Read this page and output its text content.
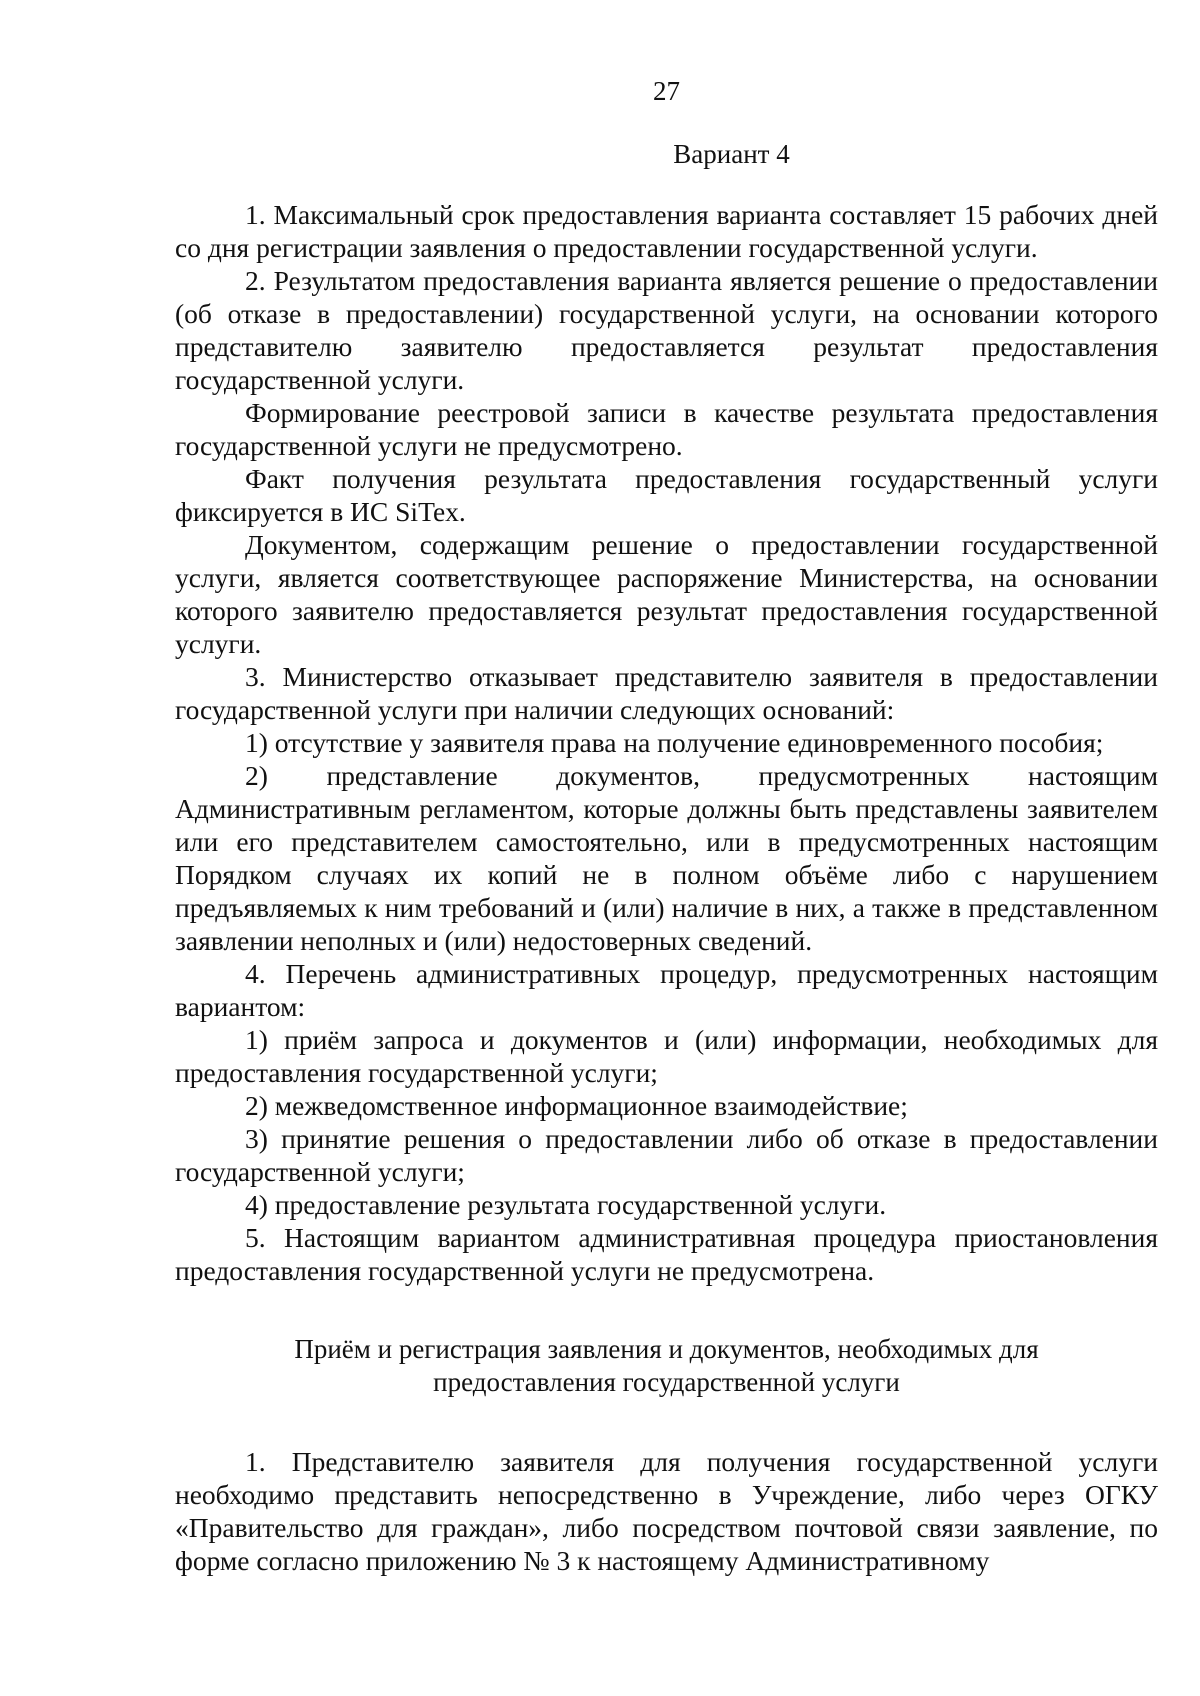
27
Вариант 4

1. Максимальный срок предоставления варианта составляет 15 рабочих дней со дня регистрации заявления о предоставлении государственной услуги.

2. Результатом предоставления варианта является решение о предоставлении (об отказе в предоставлении) государственной услуги, на основании которого представителю заявителю предоставляется результат предоставления государственной услуги.

Формирование реестровой записи в качестве результата предоставления государственной услуги не предусмотрено.

Факт получения результата предоставления государственный услуги фиксируется в ИС SiTex.

Документом, содержащим решение о предоставлении государственной услуги, является соответствующее распоряжение Министерства, на основании которого заявителю предоставляется результат предоставления государственной услуги.

3. Министерство отказывает представителю заявителя в предоставлении государственной услуги при наличии следующих оснований:

1) отсутствие у заявителя права на получение единовременного пособия;

2) представление документов, предусмотренных настоящим Административным регламентом, которые должны быть представлены заявителем или его представителем самостоятельно, или в предусмотренных настоящим Порядком случаях их копий не в полном объёме либо с нарушением предъявляемых к ним требований и (или) наличие в них, а также в представленном заявлении неполных и (или) недостоверных сведений.

4. Перечень административных процедур, предусмотренных настоящим вариантом:

1) приём запроса и документов и (или) информации, необходимых для предоставления государственной услуги;

2) межведомственное информационное взаимодействие;

3) принятие решения о предоставлении либо об отказе в предоставлении государственной услуги;

4) предоставление результата государственной услуги.

5. Настоящим вариантом административная процедура приостановления предоставления государственной услуги не предусмотрена.

Приём и регистрация заявления и документов, необходимых для предоставления государственной услуги

1. Представителю заявителя для получения государственной услуги необходимо представить непосредственно в Учреждение, либо через ОГКУ «Правительство для граждан», либо посредством почтовой связи заявление, по форме согласно приложению № 3 к настоящему Административному
